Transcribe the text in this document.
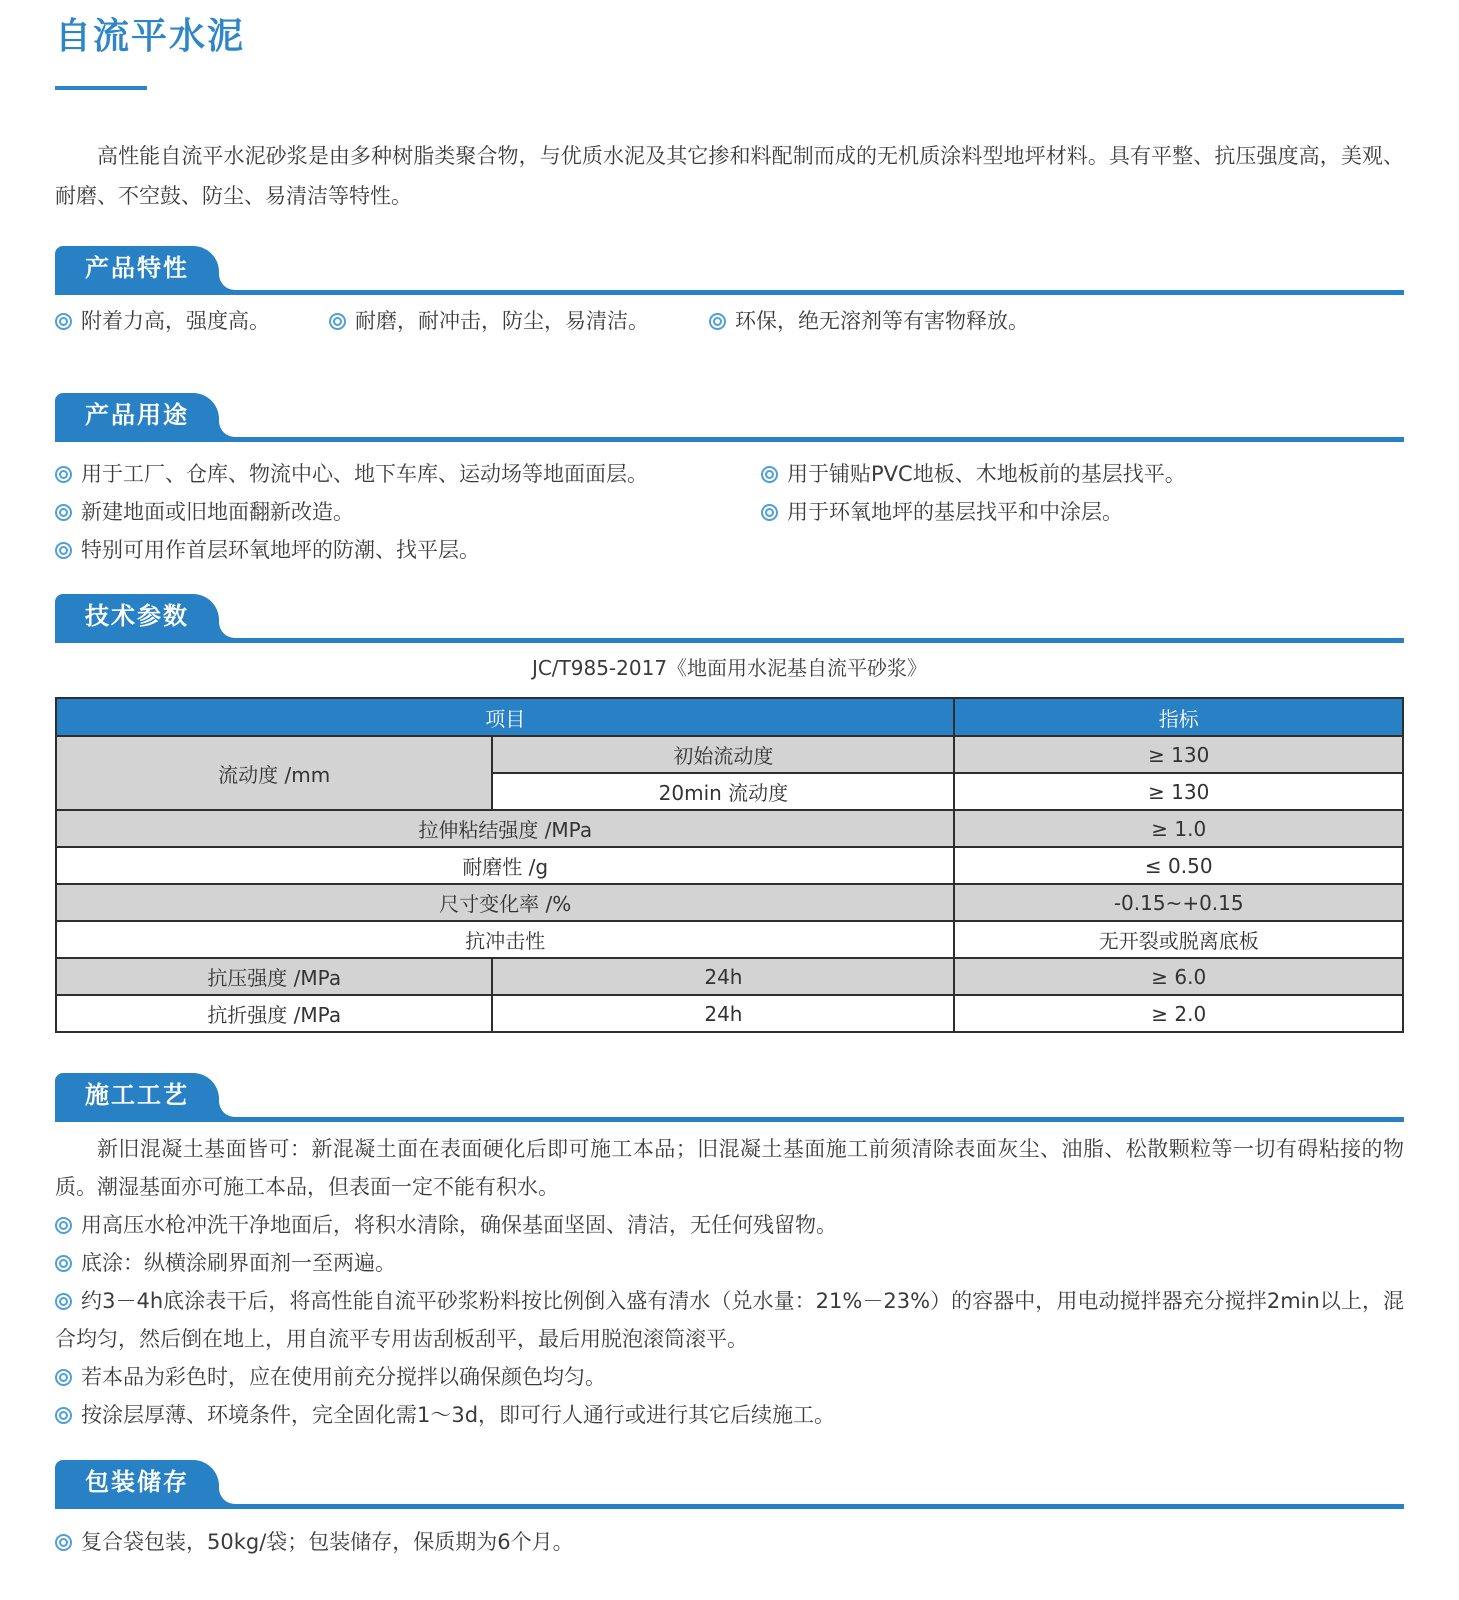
自流平水泥

高性能自流平水泥砂浆是由多种树脂类聚合物，与优质水泥及其它掺和料配制而成的无机质涂料型地坪材料。具有平整、抗压强度高，美观、耐磨、不空鼓、防尘、易清洁等特性。

产品特性
附着力高，强度高。	耐磨，耐冲击，防尘，易清洁。	环保，绝无溶剂等有害物释放。
产品用途
用于工厂、仓库、物流中心、地下车库、运动场等地面面层。
新建地面或旧地面翻新改造。
特别可用作首层环氧地坪的防潮、找平层。
用于铺贴PVC地板、木地板前的基层找平。
用于环氧地坪的基层找平和中涂层。
技术参数

JC/T985-2017《地面用水泥基自流平砂浆》

项目		指标
流动度 /mm	初始流动度	≥ 130
	20min 流动度	≥ 130
拉伸粘结强度 /MPa		≥ 1.0
耐磨性 /g		≤ 0.50
尺寸变化率 /%		-0.15~+0.15
抗冲击性		无开裂或脱离底板
抗压强度 /MPa	24h	≥ 6.0
抗折强度 /MPa	24h	≥ 2.0
施工工艺

新旧混凝土基面皆可：新混凝土面在表面硬化后即可施工本品；旧混凝土基面施工前须清除表面灰尘、油脂、松散颗粒等一切有碍粘接的物质。潮湿基面亦可施工本品，但表面一定不能有积水。

用高压水枪冲洗干净地面后，将积水清除，确保基面坚固、清洁，无任何残留物。

底涂：纵横涂刷界面剂一至两遍。

约3－4h底涂表干后，将高性能自流平砂浆粉料按比例倒入盛有清水（兑水量：21%－23%）的容器中，用电动搅拌器充分搅拌2min以上，混合均匀，然后倒在地上，用自流平专用齿刮板刮平，最后用脱泡滚筒滚平。

若本品为彩色时，应在使用前充分搅拌以确保颜色均匀。

按涂层厚薄、环境条件，完全固化需1～3d，即可行人通行或进行其它后续施工。

包装储存

复合袋包装，50kg/袋；包装储存，保质期为6个月。
